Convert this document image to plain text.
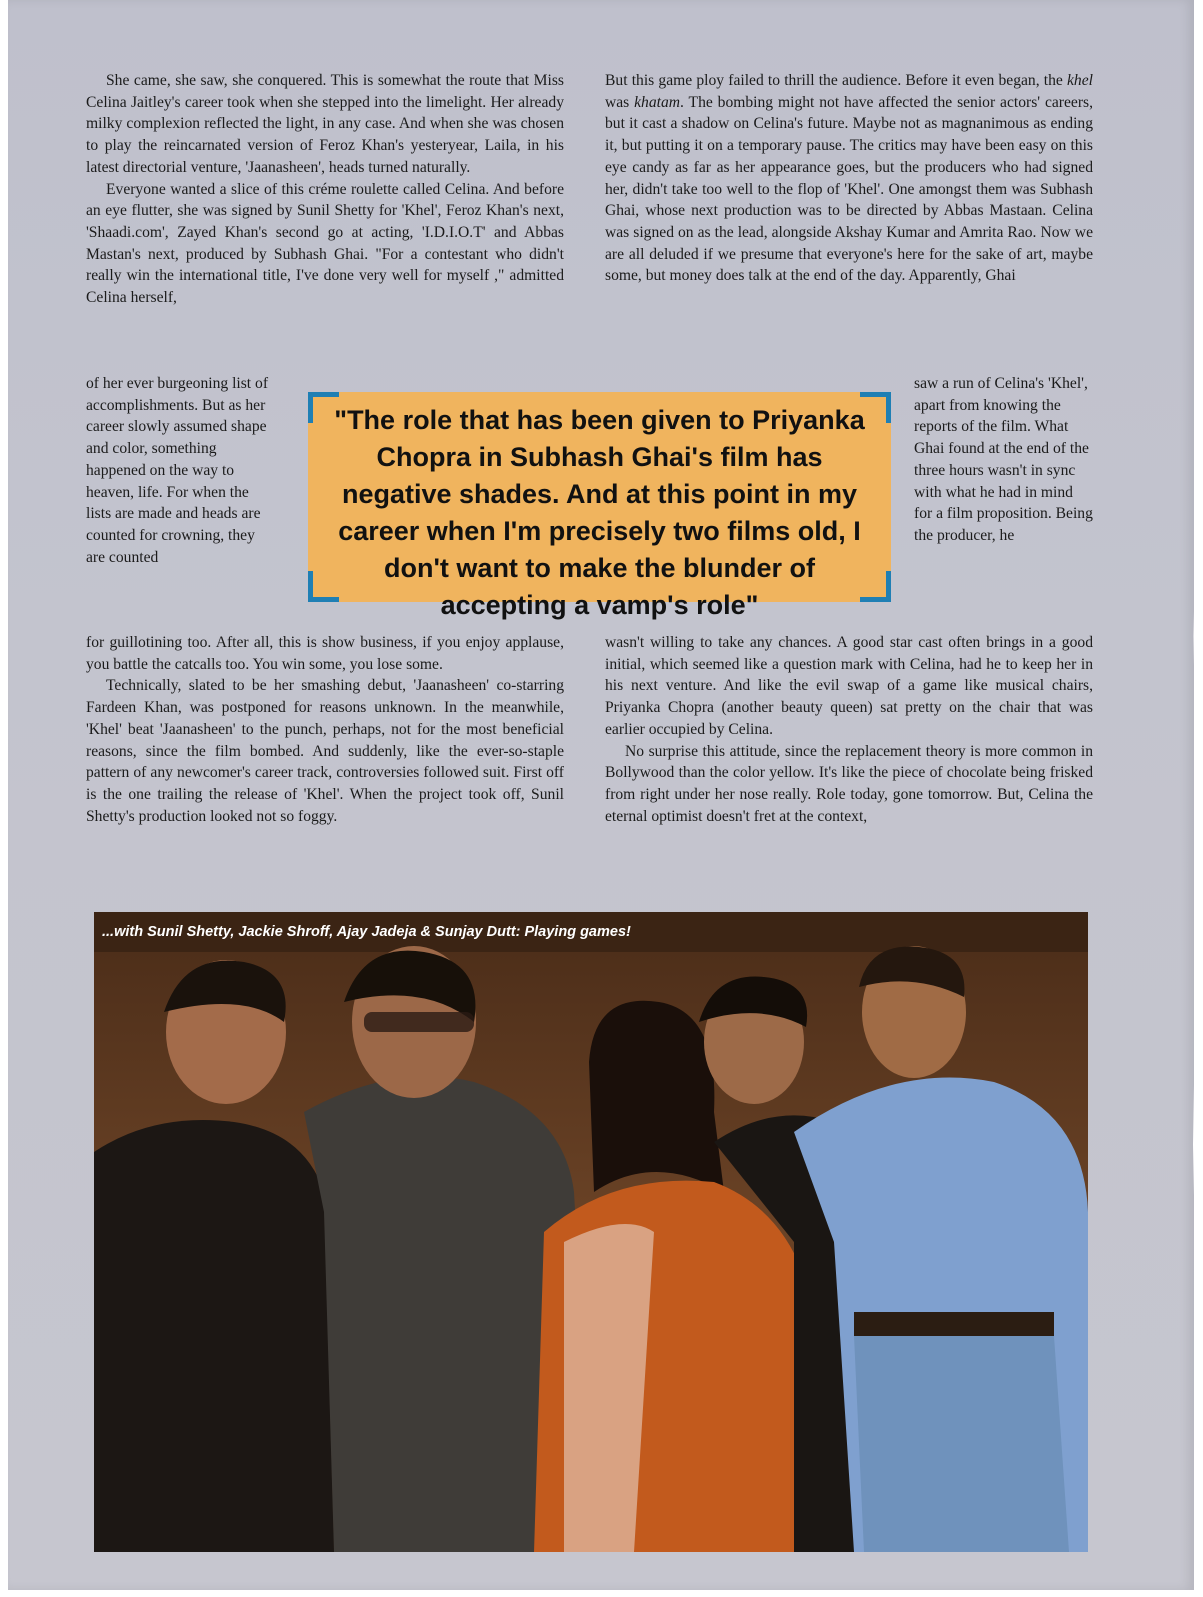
She came, she saw, she conquered. This is somewhat the route that Miss Celina Jaitley's career took when she stepped into the limelight. Her already milky complexion reflected the light, in any case. And when she was chosen to play the reincarnated version of Feroz Khan's yesteryear, Laila, in his latest directorial venture, 'Jaanasheen', heads turned naturally.

Everyone wanted a slice of this créme roulette called Celina. And before an eye flutter, she was signed by Sunil Shetty for 'Khel', Feroz Khan's next, 'Shaadi.com', Zayed Khan's second go at acting, 'I.D.I.O.T' and Abbas Mastan's next, produced by Subhash Ghai. "For a contestant who didn't really win the international title, I've done very well for myself ," admitted Celina herself,

of her ever burgeoning list of accomplishments. But as her career slowly assumed shape and color, something happened on the way to heaven, life. For when the lists are made and heads are counted for crowning, they are counted

for guillotining too. After all, this is show business, if you enjoy applause, you battle the catcalls too. You win some, you lose some.

Technically, slated to be her smashing debut, 'Jaanasheen' co-starring Fardeen Khan, was postponed for reasons unknown. In the meanwhile, 'Khel' beat 'Jaanasheen' to the punch, perhaps, not for the most beneficial reasons, since the film bombed. And suddenly, like the ever-so-staple pattern of any newcomer's career track, controversies followed suit. First off is the one trailing the release of 'Khel'. When the project took off, Sunil Shetty's production looked not so foggy.

But this game ploy failed to thrill the audience. Before it even began, the khel was khatam. The bombing might not have affected the senior actors' careers, but it cast a shadow on Celina's future. Maybe not as magnanimous as ending it, but putting it on a temporary pause. The critics may have been easy on this eye candy as far as her appearance goes, but the producers who had signed her, didn't take too well to the flop of 'Khel'. One amongst them was Subhash Ghai, whose next production was to be directed by Abbas Mastaan. Celina was signed on as the lead, alongside Akshay Kumar and Amrita Rao. Now we are all deluded if we presume that everyone's here for the sake of art, maybe some, but money does talk at the end of the day. Apparently, Ghai

saw a run of Celina's 'Khel', apart from knowing the reports of the film. What Ghai found at the end of the three hours wasn't in sync with what he had in mind for a film proposition. Being the producer, he

wasn't willing to take any chances. A good star cast often brings in a good initial, which seemed like a question mark with Celina, had he to keep her in his next venture. And like the evil swap of a game like musical chairs, Priyanka Chopra (another beauty queen) sat pretty on the chair that was earlier occupied by Celina.

No surprise this attitude, since the replacement theory is more common in Bollywood than the color yellow. It's like the piece of chocolate being frisked from right under her nose really. Role today, gone tomorrow. But, Celina the eternal optimist doesn't fret at the context,

"The role that has been given to Priyanka Chopra in Subhash Ghai's film has negative shades. And at this point in my career when I'm precisely two films old, I don't want to make the blunder of accepting a vamp's role"
...with Sunil Shetty, Jackie Shroff, Ajay Jadeja & Sunjay Dutt: Playing games!
